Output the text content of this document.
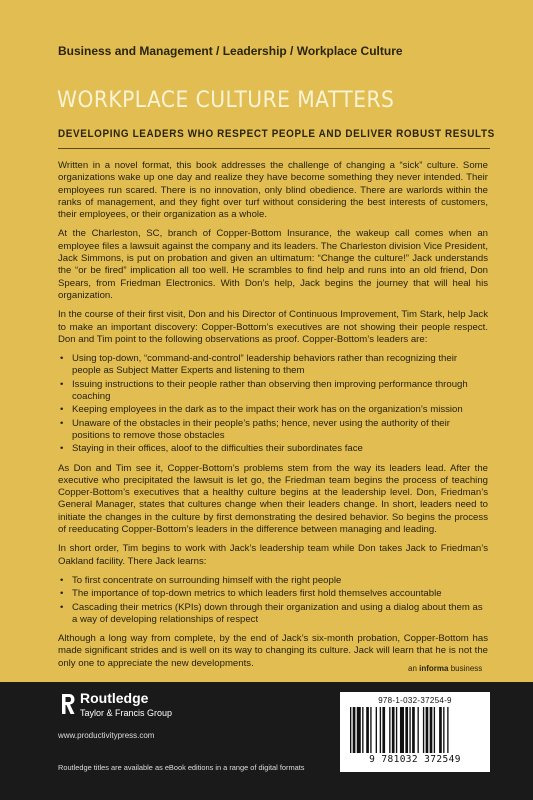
Business and Management / Leadership / Workplace Culture
WORKPLACE CULTURE MATTERS
DEVELOPING LEADERS WHO RESPECT PEOPLE AND DELIVER ROBUST RESULTS

Written in a novel format, this book addresses the challenge of changing a “sick” culture. Some organizations wake up one day and realize they have become something they never intended. Their employees run scared. There is no innovation, only blind obedience. There are warlords within the ranks of management, and they fight over turf without considering the best interests of customers, their employees, or their organization as a whole.

At the Charleston, SC, branch of Copper-Bottom Insurance, the wakeup call comes when an employee files a lawsuit against the company and its leaders. The Charleston division Vice President, Jack Simmons, is put on probation and given an ultimatum: “Change the culture!” Jack understands the “or be fired” implication all too well. He scrambles to find help and runs into an old friend, Don Spears, from Friedman Electronics. With Don’s help, Jack begins the journey that will heal his organization.

In the course of their first visit, Don and his Director of Continuous Improvement, Tim Stark, help Jack to make an important discovery: Copper-Bottom’s executives are not showing their people respect. Don and Tim point to the following observations as proof. Copper-Bottom’s leaders are:

• Using top-down, “command-and-control” leadership behaviors rather than recognizing their people as Subject Matter Experts and listening to them
• Issuing instructions to their people rather than observing then improving performance through coaching
• Keeping employees in the dark as to the impact their work has on the organization’s mission
• Unaware of the obstacles in their people’s paths; hence, never using the authority of their positions to remove those obstacles
• Staying in their offices, aloof to the difficulties their subordinates face

As Don and Tim see it, Copper-Bottom’s problems stem from the way its leaders lead. After the executive who precipitated the lawsuit is let go, the Friedman team begins the process of teaching Copper-Bottom’s executives that a healthy culture begins at the leadership level. Don, Friedman’s General Manager, states that cultures change when their leaders change. In short, leaders need to initiate the changes in the culture by first demonstrating the desired behavior. So begins the process of reeducating Copper-Bottom’s leaders in the difference between managing and leading.

In short order, Tim begins to work with Jack’s leadership team while Don takes Jack to Friedman’s Oakland facility. There Jack learns:

• To first concentrate on surrounding himself with the right people
• The importance of top-down metrics to which leaders first hold themselves accountable
• Cascading their metrics (KPIs) down through their organization and using a dialog about them as a way of developing relationships of respect

Although a long way from complete, by the end of Jack’s six-month probation, Copper-Bottom has made significant strides and is well on its way to changing its culture. Jack will learn that he is not the only one to appreciate the new developments.	an informa business
Routledge
Taylor & Francis Group
www.productivitypress.com
Routledge titles are available as eBook editions in a range of digital formats
978-1-032-37254-9
9 781032 372549
